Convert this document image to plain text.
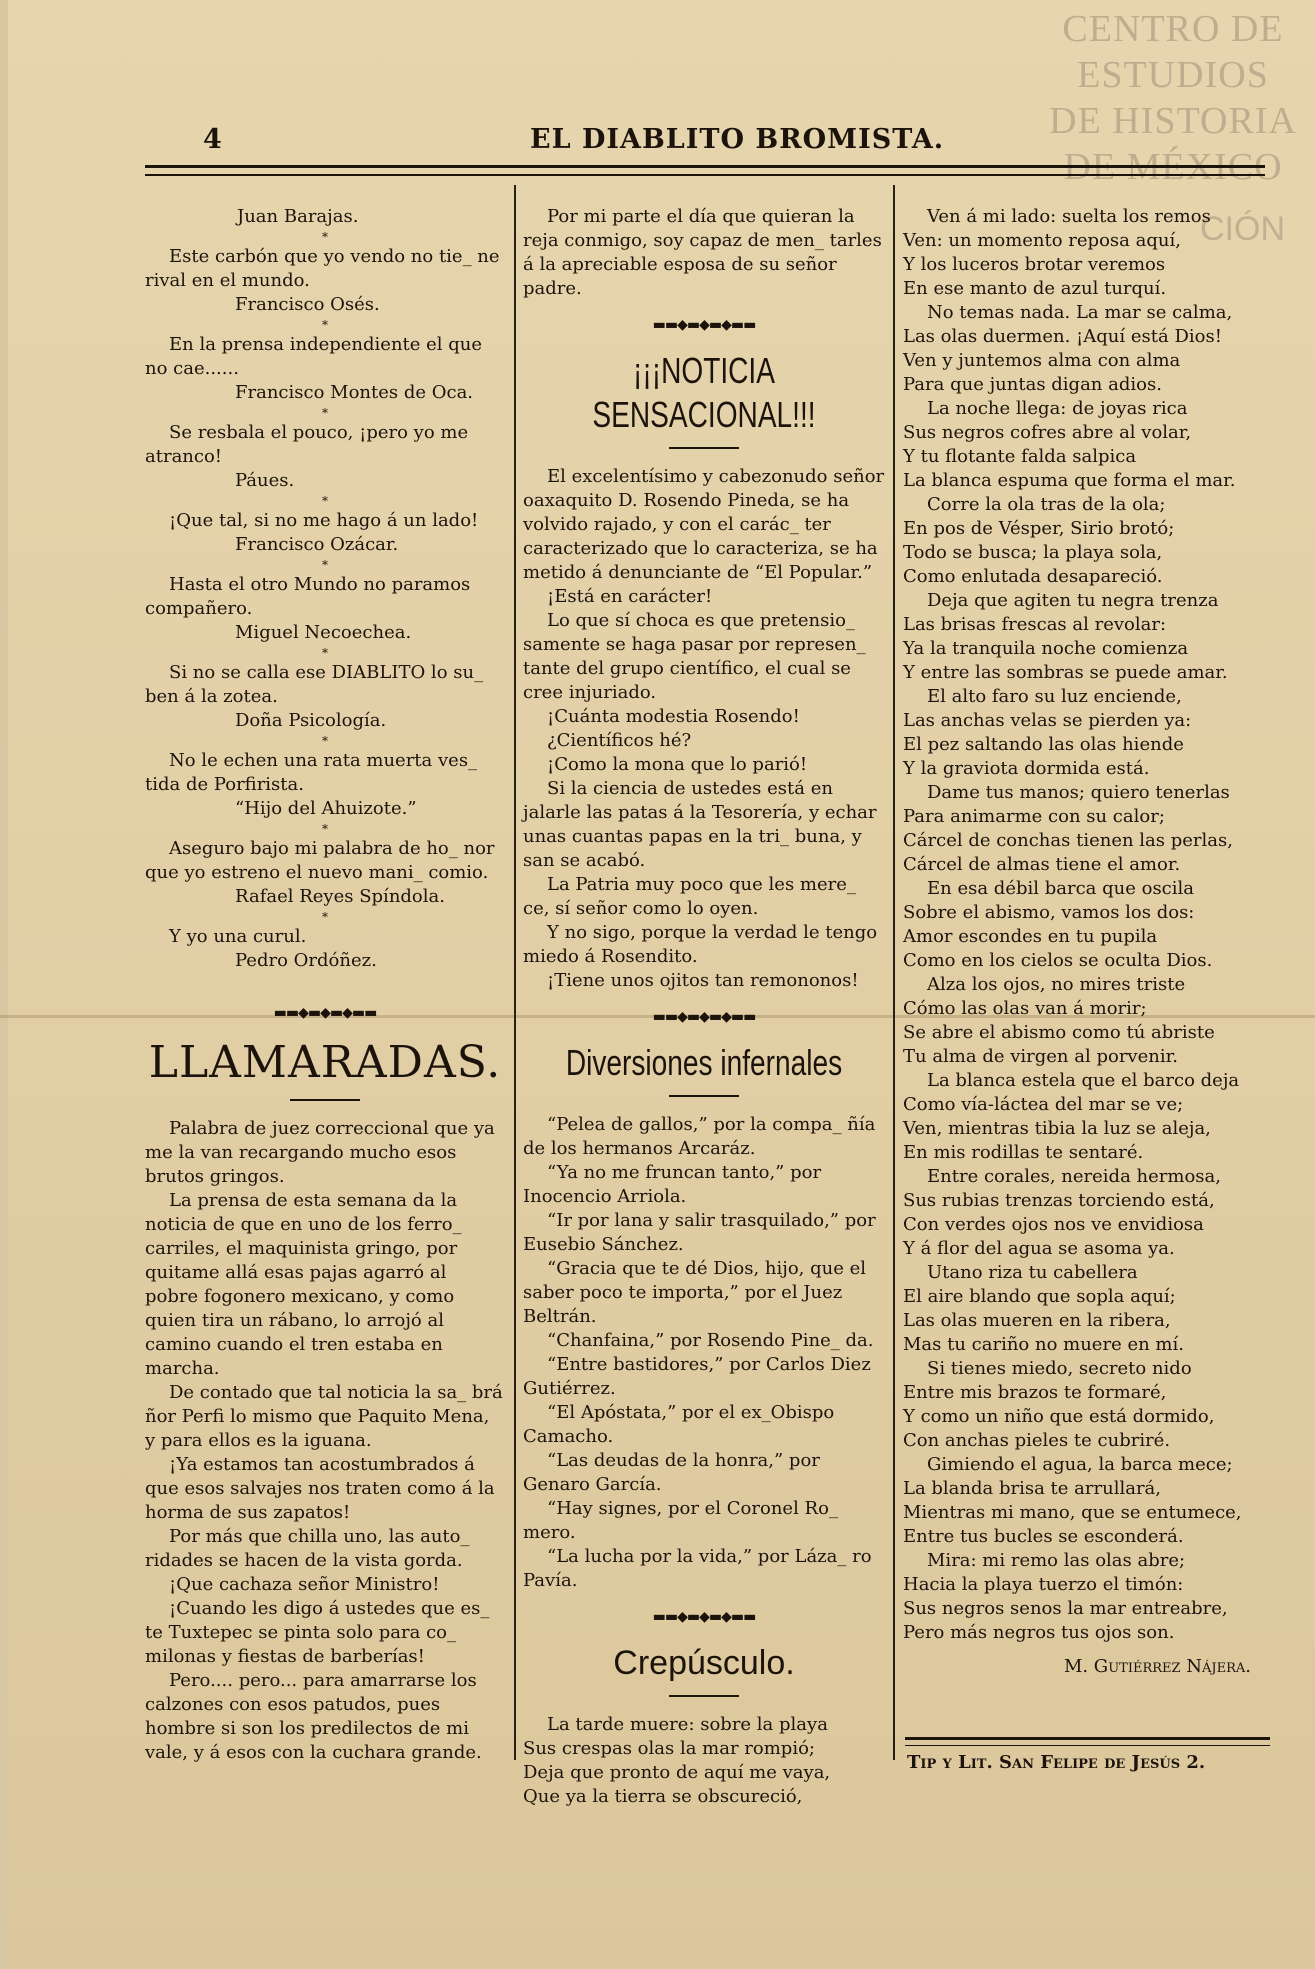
CENTRO DE
ESTUDIOS
DE HISTORIA
DE MÉXICO
CIÓN
4	EL DIABLITO BROMISTA.

Juan Barajas.

*

Este carbón que yo vendo no tie_ ne rival en el mundo.

Francisco Osés.

*

En la prensa independiente el que no cae......

Francisco Montes de Oca.

*

Se resbala el pouco, ¡pero yo me atranco!

Páues.

*

¡Que tal, si no me hago á un lado!

Francisco Ozácar.

*

Hasta el otro Mundo no paramos compañero.

Miguel Necoechea.

*

Si no se calla ese DIABLITO lo su_ ben á la zotea.

Doña Psicología.

*

No le echen una rata muerta ves_ tida de Porfirista.

“Hijo del Ahuizote.”

*

Aseguro bajo mi palabra de ho_ nor que yo estreno el nuevo mani_ comio.

Rafael Reyes Spíndola.

*

Y yo una curul.

Pedro Ordóñez.

▬▬◆▬◆▬◆▬▬
LLAMARADAS.

Palabra de juez correccional que ya me la van recargando mucho esos brutos gringos.

La prensa de esta semana da la noticia de que en uno de los ferro_ carriles, el maquinista gringo, por quitame allá esas pajas agarró al pobre fogonero mexicano, y como quien tira un rábano, lo arrojó al camino cuando el tren estaba en marcha.

De contado que tal noticia la sa_ brá ñor Perfi lo mismo que Paquito Mena, y para ellos es la iguana.

¡Ya estamos tan acostumbrados á que esos salvajes nos traten como á la horma de sus zapatos!

Por más que chilla uno, las auto_ ridades se hacen de la vista gorda.

¡Que cachaza señor Ministro!

¡Cuando les digo á ustedes que es_ te Tuxtepec se pinta solo para co_ milonas y fiestas de barberías!

Pero.... pero... para amarrarse los calzones con esos patudos, pues hombre si son los predilectos de mi vale, y á esos con la cuchara grande.

Por mi parte el día que quieran la reja conmigo, soy capaz de men_ tarles á la apreciable esposa de su señor padre.

▬▬◆▬◆▬◆▬▬
¡¡¡NOTICIA SENSACIONAL!!!

El excelentísimo y cabezonudo señor oaxaquito D. Rosendo Pineda, se ha volvido rajado, y con el carác_ ter caracterizado que lo caracteriza, se ha metido á denunciante de “El Popular.”

¡Está en carácter!

Lo que sí choca es que pretensio_ samente se haga pasar por represen_ tante del grupo científico, el cual se cree injuriado.

¡Cuánta modestia Rosendo!

¿Científicos hé?

¡Como la mona que lo parió!

Si la ciencia de ustedes está en jalarle las patas á la Tesorería, y echar unas cuantas papas en la tri_ buna, y san se acabó.

La Patria muy poco que les mere_ ce, sí señor como lo oyen.

Y no sigo, porque la verdad le tengo miedo á Rosendito.

¡Tiene unos ojitos tan remononos!

▬▬◆▬◆▬◆▬▬
Diversiones infernales

“Pelea de gallos,” por la compa_ ñía de los hermanos Arcaráz.

“Ya no me fruncan tanto,” por Inocencio Arriola.

“Ir por lana y salir trasquilado,” por Eusebio Sánchez.

“Gracia que te dé Dios, hijo, que el saber poco te importa,” por el Juez Beltrán.

“Chanfaina,” por Rosendo Pine_ da.

“Entre bastidores,” por Carlos Diez Gutiérrez.

“El Apóstata,” por el ex_Obispo Camacho.

“Las deudas de la honra,” por Genaro García.

“Hay signes, por el Coronel Ro_ mero.

“La lucha por la vida,” por Láza_ ro Pavía.

▬▬◆▬◆▬◆▬▬
Crepúsculo.

La tarde muere: sobre la playa

Sus crespas olas la mar rompió;

Deja que pronto de aquí me vaya,

Que ya la tierra se obscureció,

Ven á mi lado: suelta los remos

Ven: un momento reposa aquí,

Y los luceros brotar veremos

En ese manto de azul turquí.

No temas nada. La mar se calma,

Las olas duermen. ¡Aquí está Dios!

Ven y juntemos alma con alma

Para que juntas digan adios.

La noche llega: de joyas rica

Sus negros cofres abre al volar,

Y tu flotante falda salpica

La blanca espuma que forma el mar.

Corre la ola tras de la ola;

En pos de Vésper, Sirio brotó;

Todo se busca; la playa sola,

Como enlutada desapareció.

Deja que agiten tu negra trenza

Las brisas frescas al revolar:

Ya la tranquila noche comienza

Y entre las sombras se puede amar.

El alto faro su luz enciende,

Las anchas velas se pierden ya:

El pez saltando las olas hiende

Y la graviota dormida está.

Dame tus manos; quiero tenerlas

Para animarme con su calor;

Cárcel de conchas tienen las perlas,

Cárcel de almas tiene el amor.

En esa débil barca que oscila

Sobre el abismo, vamos los dos:

Amor escondes en tu pupila

Como en los cielos se oculta Dios.

Alza los ojos, no mires triste

Cómo las olas van á morir;

Se abre el abismo como tú abriste

Tu alma de virgen al porvenir.

La blanca estela que el barco deja

Como vía-láctea del mar se ve;

Ven, mientras tibia la luz se aleja,

En mis rodillas te sentaré.

Entre corales, nereida hermosa,

Sus rubias trenzas torciendo está,

Con verdes ojos nos ve envidiosa

Y á flor del agua se asoma ya.

Utano riza tu cabellera

El aire blando que sopla aquí;

Las olas mueren en la ribera,

Mas tu cariño no muere en mí.

Si tienes miedo, secreto nido

Entre mis brazos te formaré,

Y como un niño que está dormido,

Con anchas pieles te cubriré.

Gimiendo el agua, la barca mece;

La blanda brisa te arrullará,

Mientras mi mano, que se entumece,

Entre tus bucles se esconderá.

Mira: mi remo las olas abre;

Hacia la playa tuerzo el timón:

Sus negros senos la mar entreabre,

Pero más negros tus ojos son.

M. Gutiérrez Nájera.

Tip y Lit. San Felipe de Jesús 2.
